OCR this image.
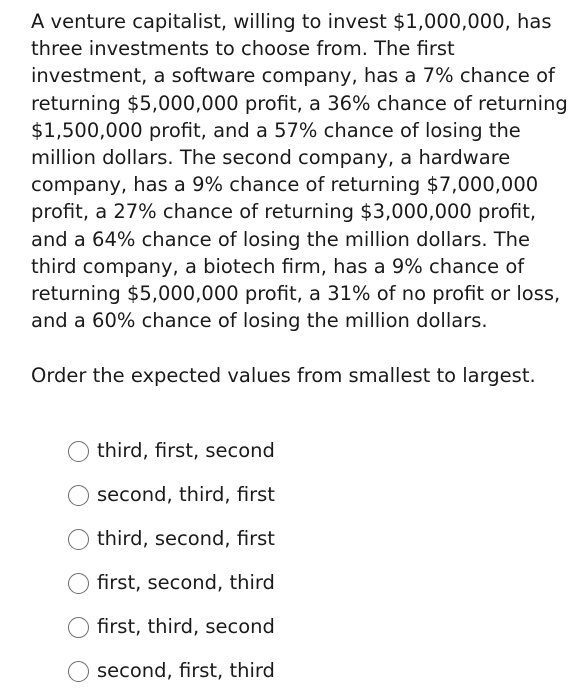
A venture capitalist, willing to invest $1,000,000, has
three investments to choose from. The first
investment, a software company, has a 7% chance of
returning $5,000,000 profit, a 36% chance of returning
$1,500,000 profit, and a 57% chance of losing the
million dollars. The second company, a hardware
company, has a 9% chance of returning $7,000,000
profit, a 27% chance of returning $3,000,000 profit,
and a 64% chance of losing the million dollars. The
third company, a biotech firm, has a 9% chance of
returning $5,000,000 profit, a 31% of no profit or loss,
and a 60% chance of losing the million dollars.
Order the expected values from smallest to largest.
third, first, second
second, third, first
third, second, first
first, second, third
first, third, second
second, first, third
